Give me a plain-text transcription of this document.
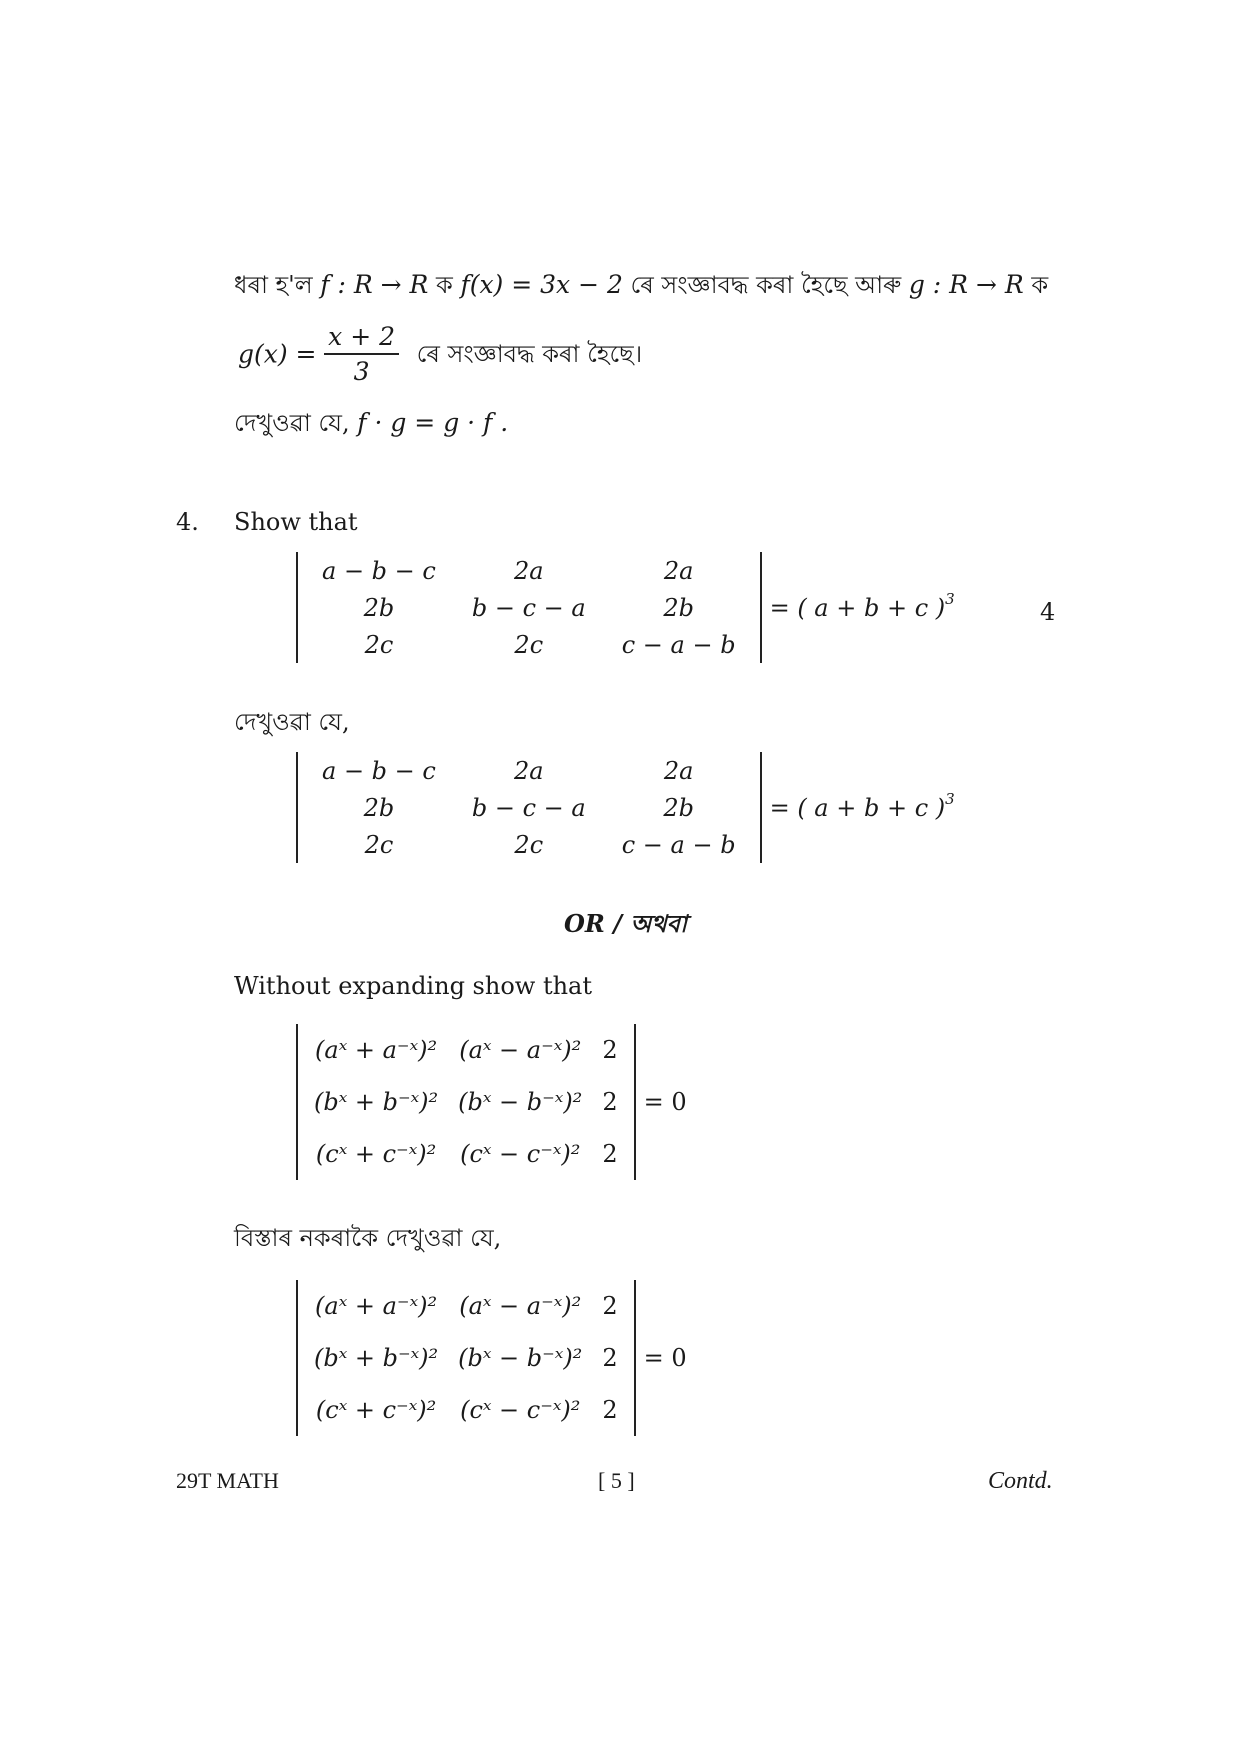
ধৰা হ'ল f : R → R ক f(x) = 3x − 2 ৰে সংজ্ঞাবদ্ধ কৰা হৈছে আৰু g : R → R ক
$g(x) = \frac{x + 2}{3}$ ৰে সংজ্ঞাবদ্ধ কৰা হৈছে।
দেখুওৱা যে, f · g = g · f .
4. Show that
a − b − c	2a	2a
2b	b − c − a	2b
2c	2c	c − a − b
= ( a + b + c )$^3$	4
দেখুওৱা যে,
a − b − c	2a	2a
2b	b − c − a	2b
2c	2c	c − a − b
= ( a + b + c )$^3$
OR / অথবা
Without expanding show that
(aˣ + a⁻ˣ)²	(aˣ − a⁻ˣ)²	2
(bˣ + b⁻ˣ)²	(bˣ − b⁻ˣ)²	2
(cˣ + c⁻ˣ)²	(cˣ − c⁻ˣ)²	2
= 0
বিস্তাৰ নকৰাকৈ দেখুওৱা যে,
(aˣ + a⁻ˣ)²	(aˣ − a⁻ˣ)²	2
(bˣ + b⁻ˣ)²	(bˣ − b⁻ˣ)²	2
(cˣ + c⁻ˣ)²	(cˣ − c⁻ˣ)²	2
= 0
29T MATH	[ 5 ]	Contd.
